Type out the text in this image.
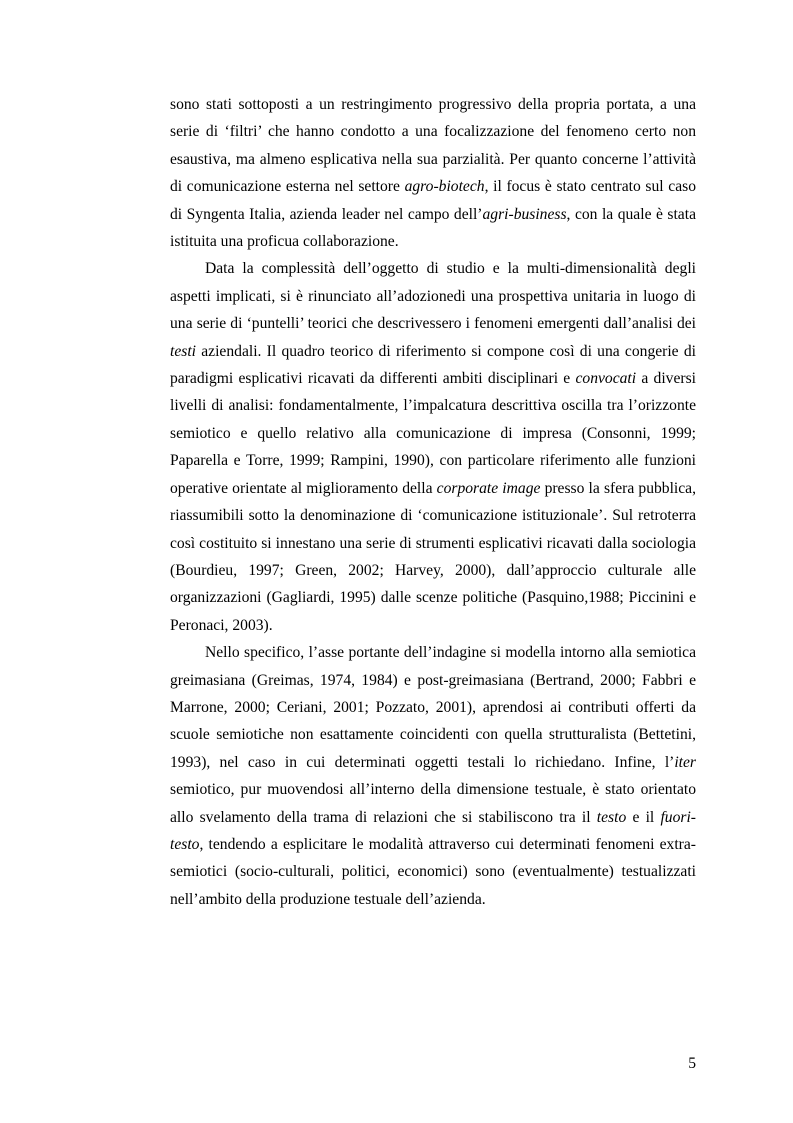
sono stati sottoposti a un restringimento progressivo della propria portata, a una serie di ‘filtri’ che hanno condotto a una focalizzazione del fenomeno certo non esaustiva, ma almeno esplicativa nella sua parzialità. Per quanto concerne l’attività di comunicazione esterna nel settore agro-biotech, il focus è stato centrato sul caso di Syngenta Italia, azienda leader nel campo dell’agri-business, con la quale è stata istituita una proficua collaborazione.

Data la complessità dell’oggetto di studio e la multi-dimensionalità degli aspetti implicati, si è rinunciato all’adozionedi una prospettiva unitaria in luogo di una serie di ‘puntelli’ teorici che descrivessero i fenomeni emergenti dall’analisi dei testi aziendali. Il quadro teorico di riferimento si compone così di una congerie di paradigmi esplicativi ricavati da differenti ambiti disciplinari e convocati a diversi livelli di analisi: fondamentalmente, l’impalcatura descrittiva oscilla tra l’orizzonte semiotico e quello relativo alla comunicazione di impresa (Consonni, 1999; Paparella e Torre, 1999; Rampini, 1990), con particolare riferimento alle funzioni operative orientate al miglioramento della corporate image presso la sfera pubblica, riassumibili sotto la denominazione di ‘comunicazione istituzionale’. Sul retroterra così costituito si innestano una serie di strumenti esplicativi ricavati dalla sociologia (Bourdieu, 1997; Green, 2002; Harvey, 2000), dall’approccio culturale alle organizzazioni (Gagliardi, 1995) dalle scenze politiche (Pasquino,1988; Piccinini e Peronaci, 2003).

Nello specifico, l’asse portante dell’indagine si modella intorno alla semiotica greimasiana (Greimas, 1974, 1984) e post-greimasiana (Bertrand, 2000; Fabbri e Marrone, 2000; Ceriani, 2001; Pozzato, 2001), aprendosi ai contributi offerti da scuole semiotiche non esattamente coincidenti con quella strutturalista (Bettetini, 1993), nel caso in cui determinati oggetti testali lo richiedano. Infine, l’iter semiotico, pur muovendosi all’interno della dimensione testuale, è stato orientato allo svelamento della trama di relazioni che si stabiliscono tra il testo e il fuori-testo, tendendo a esplicitare le modalità attraverso cui determinati fenomeni extra-semiotici (socio-culturali, politici, economici) sono (eventualmente) testualizzati nell’ambito della produzione testuale dell’azienda.

5
